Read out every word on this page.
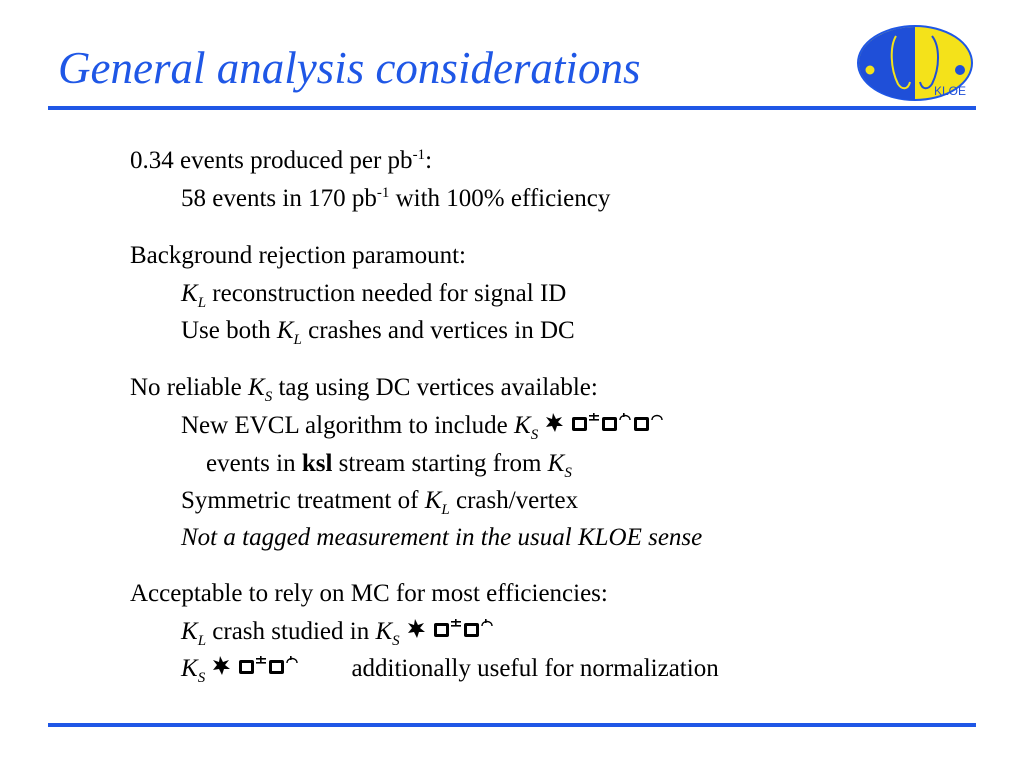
General analysis considerations	KLOE
0.34 events produced per $pb^{-1}$:
58 events in 170 $pb^{-1}$ with 100% efficiency
Background rejection paramount:
$K_L$ reconstruction needed for signal ID
Use both $K_L$ crashes and vertices in DC
No reliable $K_S$ tag using DC vertices available:
New EVCL algorithm to include $K_S$
events in ksl stream starting from $K_S$
Symmetric treatment of $K_L$ crash/vertex
Not a tagged measurement in the usual KLOE sense
Acceptable to rely on MC for most efficiencies:
$K_L$ crash studied in $K_S$
$K_S$	additionally useful for normalization
